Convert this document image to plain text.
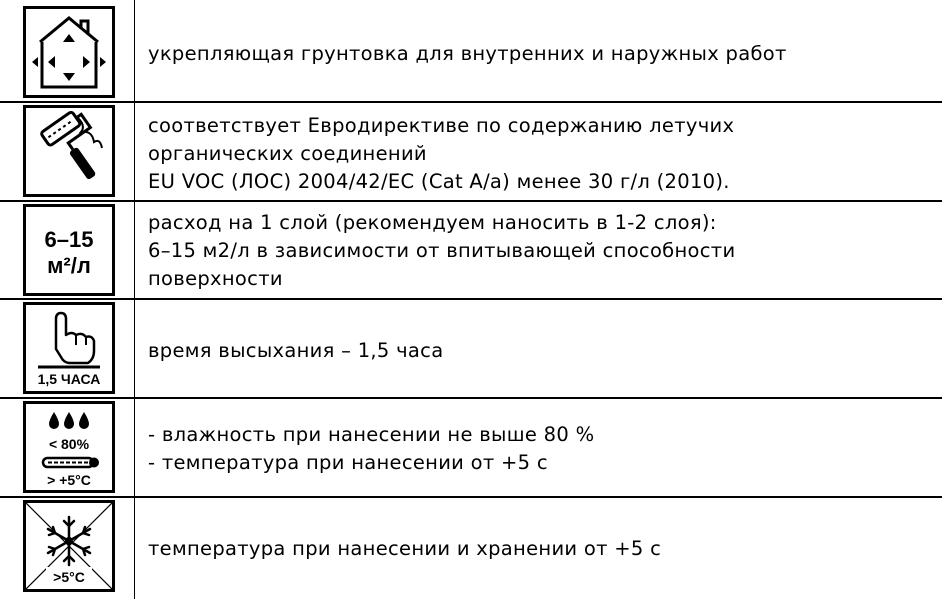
укрепляющая грунтовка для внутренних и наружных работ
соответствует Евродирективе по содержанию летучих
органических соединений
EU VOC (ЛОС) 2004/42/EC (Cat A/a) менее 30 г/л (2010).
6–15
м²/л
расход на 1 слой (рекомендуем наносить в 1-2 слоя):
6–15 м2/л в зависимости от впитывающей способности
поверхности
1,5 ЧАСА
время высыхания – 1,5 часа
< 80%
> +5°C
- влажность при нанесении не выше 80 %
- температура при нанесении от +5 с
>5°C
температура при нанесении и хранении от +5 с
